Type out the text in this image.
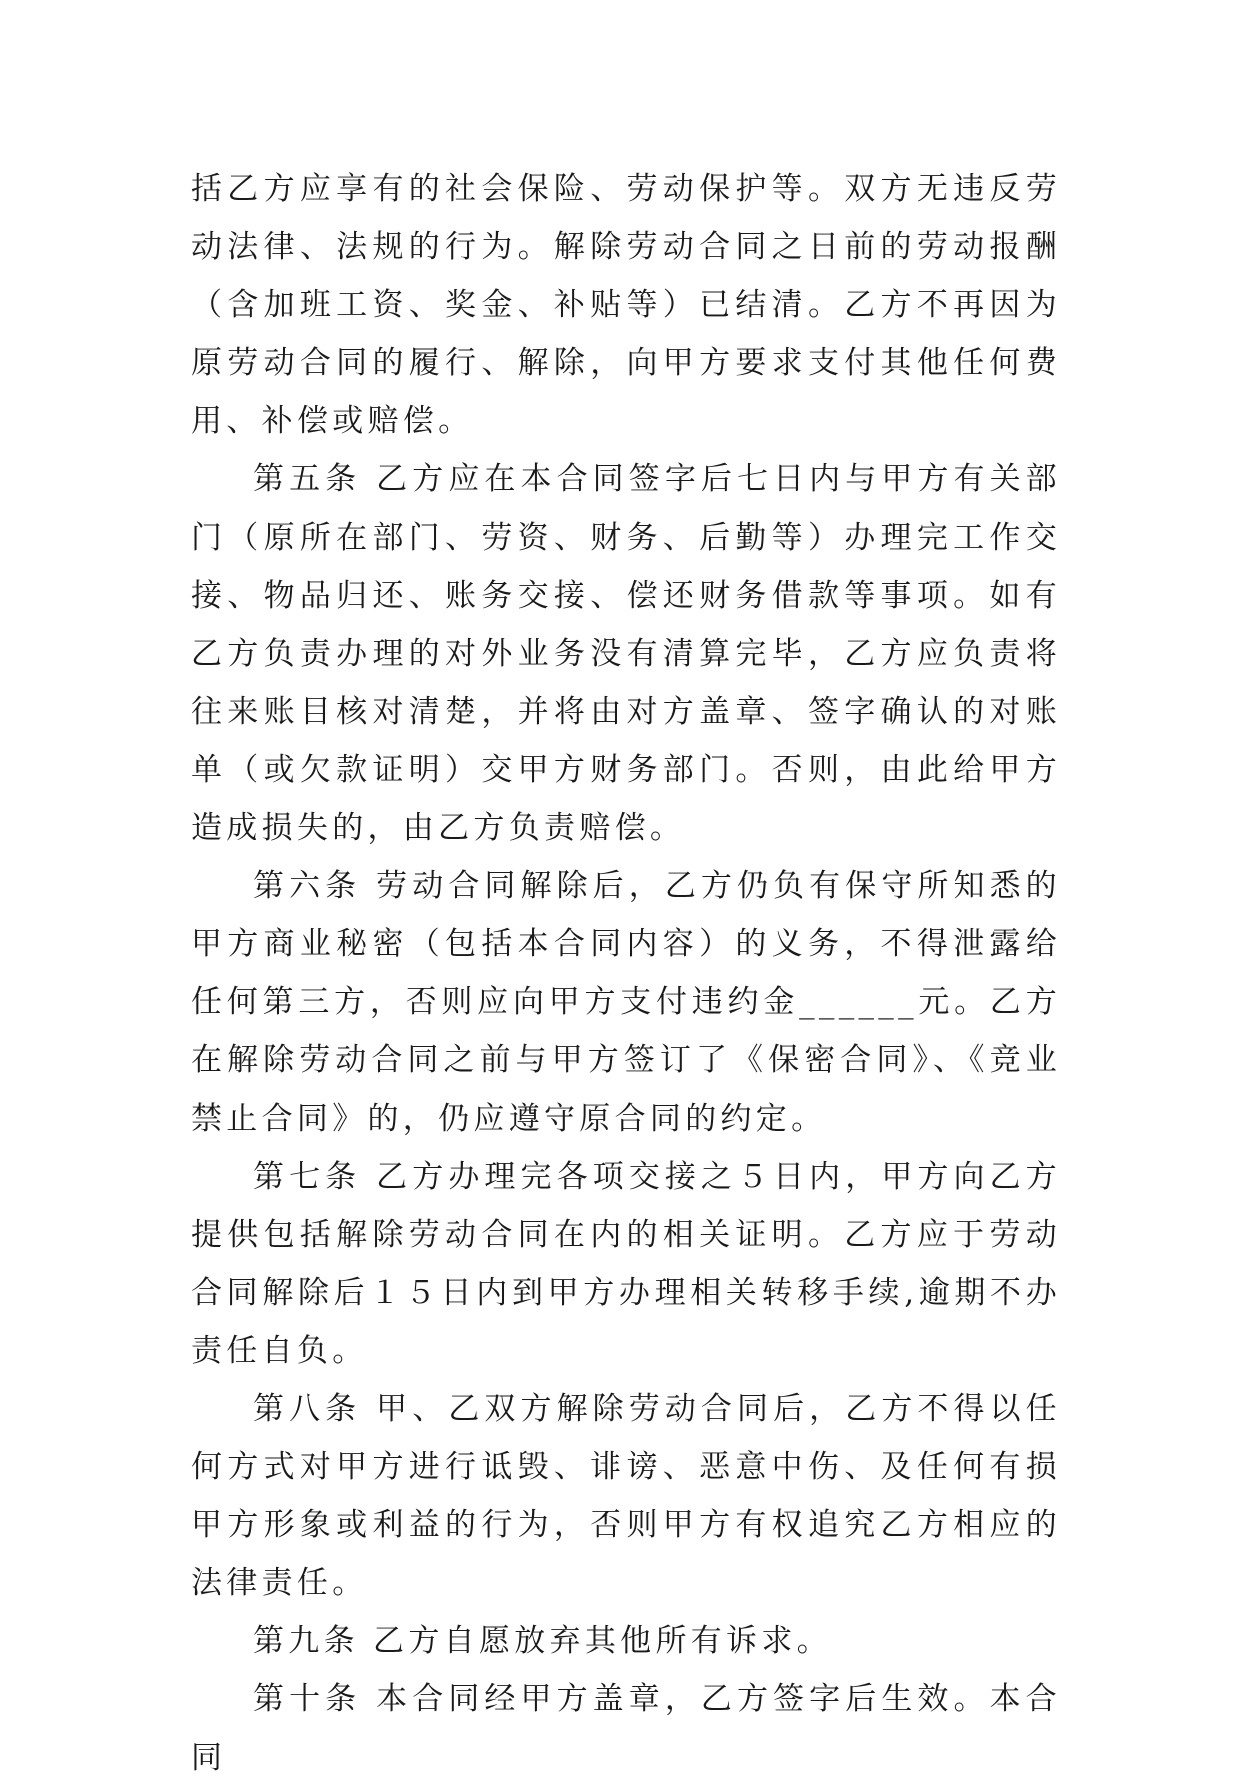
括乙方应享有的社会保险、劳动保护等。双方无违反劳动法律、法规的行为。解除劳动合同之日前的劳动报酬（含加班工资、奖金、补贴等）已结清。乙方不再因为原劳动合同的履行、解除，向甲方要求支付其他任何费用、补偿或赔偿。

第五条 乙方应在本合同签字后七日内与甲方有关部门（原所在部门、劳资、财务、后勤等）办理完工作交接、物品归还、账务交接、偿还财务借款等事项。如有乙方负责办理的对外业务没有清算完毕，乙方应负责将往来账目核对清楚，并将由对方盖章、签字确认的对账单（或欠款证明）交甲方财务部门。否则，由此给甲方造成损失的，由乙方负责赔偿。

第六条 劳动合同解除后，乙方仍负有保守所知悉的甲方商业秘密（包括本合同内容）的义务，不得泄露给任何第三方，否则应向甲方支付违约金______元。乙方在解除劳动合同之前与甲方签订了《保密合同》、《竞业禁止合同》的，仍应遵守原合同的约定。

第七条 乙方办理完各项交接之５日内，甲方向乙方提供包括解除劳动合同在内的相关证明。乙方应于劳动合同解除后１５日内到甲方办理相关转移手续,逾期不办责任自负。

第八条 甲、乙双方解除劳动合同后，乙方不得以任何方式对甲方进行诋毁、诽谤、恶意中伤、及任何有损甲方形象或利益的行为，否则甲方有权追究乙方相应的法律责任。

第九条 乙方自愿放弃其他所有诉求。

第十条 本合同经甲方盖章，乙方签字后生效。本合同
